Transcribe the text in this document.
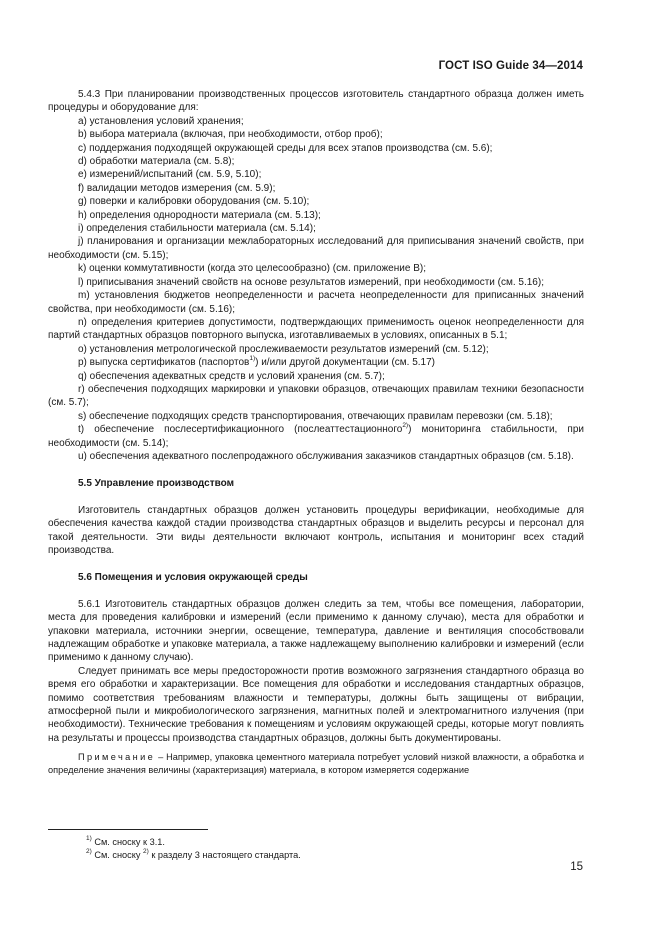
ГОСТ ISO Guide 34—2014

5.4.3 При планировании производственных процессов изготовитель стандартного образца должен иметь процедуры и оборудование для:

а) установления условий хранения;

b) выбора материала (включая, при необходимости, отбор проб);

c) поддержания подходящей окружающей среды для всех этапов производства (см. 5.6);

d) обработки материала (см. 5.8);

e) измерений/испытаний (см. 5.9, 5.10);

f) валидации методов измерения (см. 5.9);

g) поверки и калибровки оборудования (см. 5.10);

h) определения однородности материала (см. 5.13);

i) определения стабильности материала (см. 5.14);

j) планирования и организации межлабораторных исследований для приписывания значений свойств, при необходимости (см. 5.15);

k) оценки коммутативности (когда это целесообразно) (см. приложение В);

l) приписывания значений свойств на основе результатов измерений, при необходимости (см. 5.16);

m) установления бюджетов неопределенности и расчета неопределенности для приписанных значений свойства, при необходимости (см. 5.16);

n) определения критериев допустимости, подтверждающих применимость оценок неопределенности для партий стандартных образцов повторного выпуска, изготавливаемых в условиях, описанных в 5.1;

o) установления метрологической прослеживаемости результатов измерений (см. 5.12);

p) выпуска сертификатов (паспортов$^{1)}$) и/или другой документации (см. 5.17)

q) обеспечения адекватных средств и условий хранения (см. 5.7);

r) обеспечения подходящих маркировки и упаковки образцов, отвечающих правилам техники безопасности (см. 5.7);

s) обеспечение подходящих средств транспортирования, отвечающих правилам перевозки (см. 5.18);

t) обеспечение послесертификационного (послеаттестационного$^{2)}$) мониторинга стабильности, при необходимости (см. 5.14);

u) обеспечения адекватного послепродажного обслуживания заказчиков стандартных образцов (см. 5.18).

5.5 Управление производством

Изготовитель стандартных образцов должен установить процедуры верификации, необходимые для обеспечения качества каждой стадии производства стандартных образцов и выделить ресурсы и персонал для такой деятельности. Эти виды деятельности включают контроль, испытания и мониторинг всех стадий производства.

5.6 Помещения и условия окружающей среды

5.6.1 Изготовитель стандартных образцов должен следить за тем, чтобы все помещения, лаборатории, места для проведения калибровки и измерений (если применимо к данному случаю), места для обработки и упаковки материала, источники энергии, освещение, температура, давление и вентиляция способствовали надлежащим обработке и упаковке материала, а также надлежащему выполнению калибровки и измерений (если применимо к данному случаю).

Следует принимать все меры предосторожности против возможного загрязнения стандартного образца во время его обработки и характеризации. Все помещения для обработки и исследования стандартных образцов, помимо соответствия требованиям влажности и температуры, должны быть защищены от вибрации, атмосферной пыли и микробиологического загрязнения, магнитных полей и электромагнитного излучения (при необходимости). Технические требования к помещениям и условиям окружающей среды, которые могут повлиять на результаты и процессы производства стандартных образцов, должны быть документированы.

Примечание – Например, упаковка цементного материала потребует условий низкой влажности, а обработка и определение значения величины (характеризация) материала, в котором измеряется содержание

$^{1)}$ См. сноску к 3.1.
$^{2)}$ См. сноску $^{2)}$ к разделу 3 настоящего стандарта.
15
